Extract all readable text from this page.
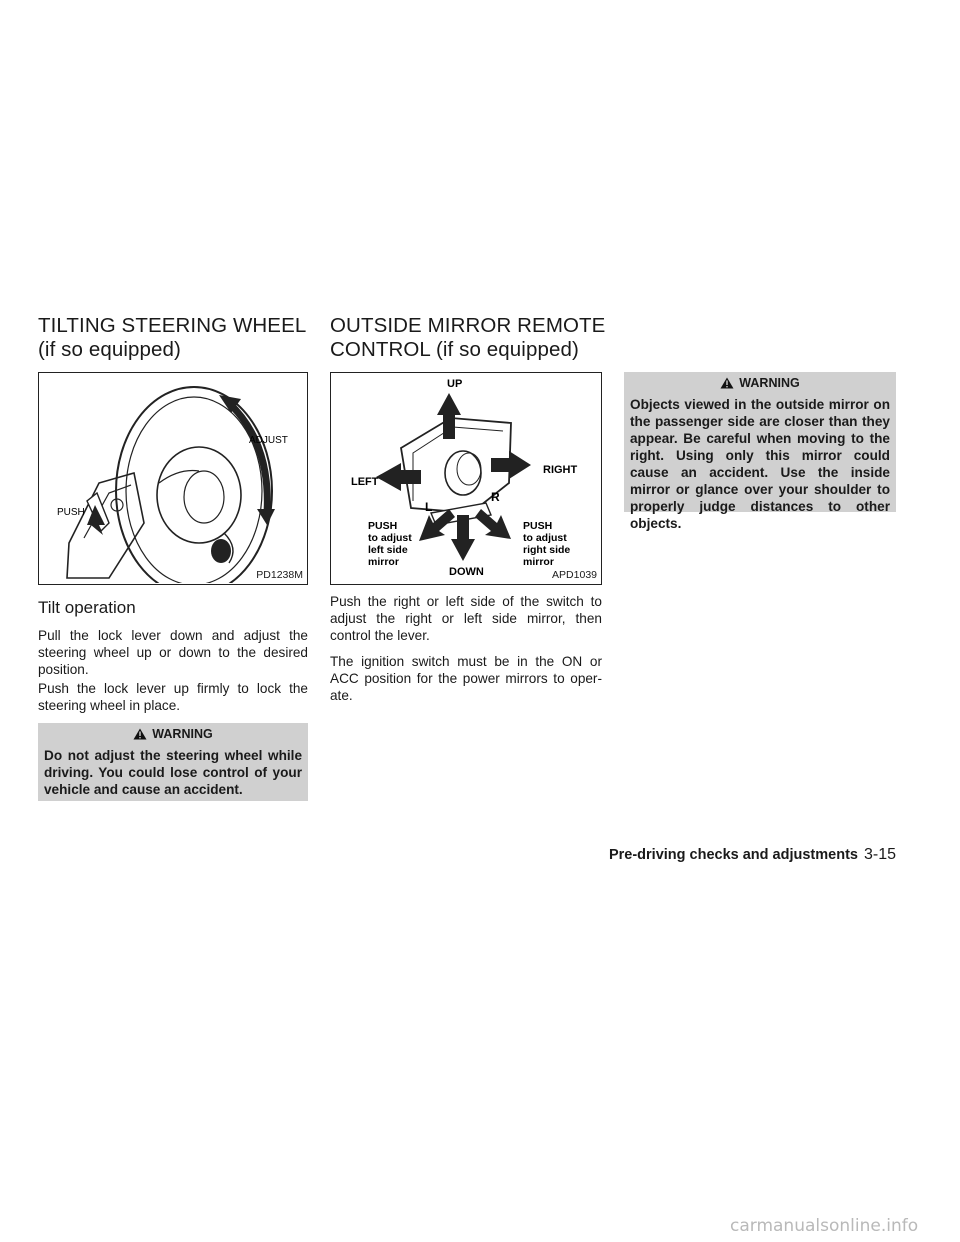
TILTING STEERING WHEEL
(if so equipped)
ADJUST
PUSH
PD1238M
Tilt operation

Pull the lock lever down and adjust the steering wheel up or down to the desired position.

Push the lock lever up firmly to lock the steering wheel in place.

WARNING

Do not adjust the steering wheel while driving. You could lose control of your vehicle and cause an accident.

OUTSIDE MIRROR REMOTE
CONTROL (if so equipped)
UP
LEFT
RIGHT
DOWN
L
R
PUSH to adjust left side mirror
PUSH to adjust right side mirror
APD1039

Push the right or left side of the switch to adjust the right or left side mirror, then control the lever.

The ignition switch must be in the ON or ACC position for the power mirrors to oper-ate.

WARNING

Objects viewed in the outside mirror on the passenger side are closer than they appear. Be careful when moving to the right. Using only this mirror could cause an accident. Use the inside mirror or glance over your shoulder to properly judge distances to other objects.

Pre-driving checks and adjustments 3-15
carmanualsonline.info
